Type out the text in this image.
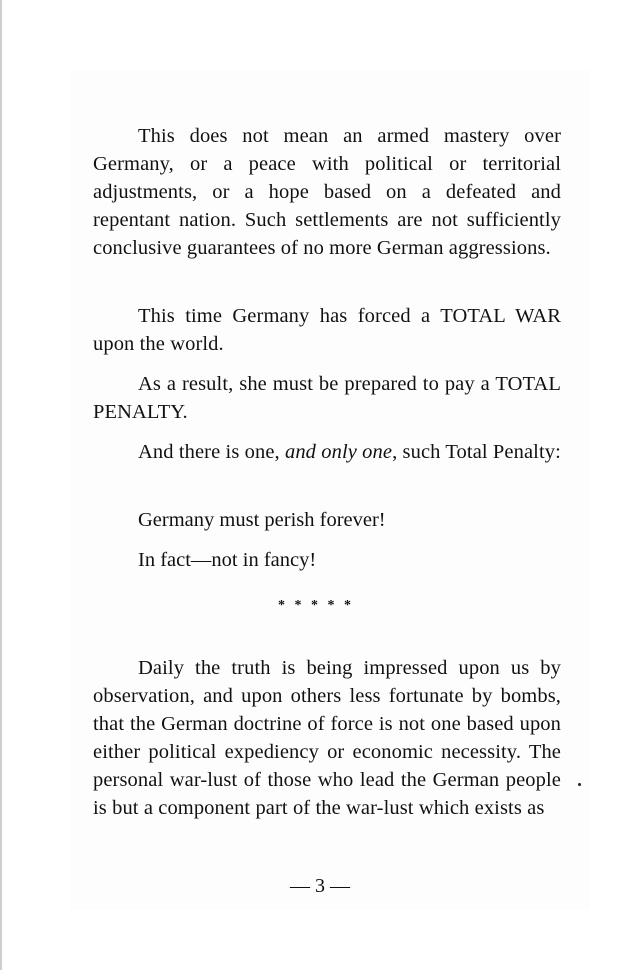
This does not mean an armed mastery over Germany, or a peace with political or territorial adjustments, or a hope based on a defeated and repentant nation. Such settlements are not sufficiently conclusive guarantees of no more German aggressions.

This time Germany has forced a TOTAL WAR upon the world.

As a result, she must be prepared to pay a TOTAL PENALTY.

And there is one, and only one, such Total Penalty:

Germany must perish forever!

In fact—not in fancy!

* * * * *

Daily the truth is being impressed upon us by observation, and upon others less fortunate by bombs, that the German doctrine of force is not one based upon either political expediency or economic necessity. The personal war-lust of those who lead the German people is but a component part of the war-lust which exists as

— 3 —
